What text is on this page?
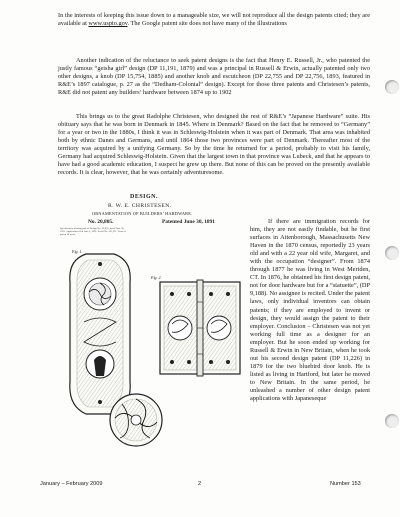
In the interests of keeping this issue down to a manageable size, we will not reproduce all the design patents cited; they are available at www.uspto.gov. The Google patent site does not have many of the illustrations

Another indication of the reluctance to seek patent designs is the fact that Henry E. Russell, Jr., who patented the justly famous “geisha girl” design (DP 11,191, 1879) and was a principal in Russell & Erwin, actually patented only two other designs, a knob (DP 15,754, 1885) and another knob and escutcheon (DP 22,755 and DP 22,756, 1893, featured in R&E’s 1897 catalogue, p. 27 as the “Dedham-Colonial” design). Except for those three patents and Christesen’s patents, R&E did not patent any builders’ hardware between 1874 up to 1902

This brings us to the great Radolphe Christesen, who designed the rest of R&E’s “Japanese Hardware” suite. His obituary says that he was born in Denmark in 1845. Where in Denmark? Based on the fact that he removed to “Germany” for a year or two in the 1880s, I think it was in Schleswig-Holstein when it was part of Denmark. That area was inhabited both by ethnic Danes and Germans, and until 1864 those two provinces were part of Denmark. Thereafter most of the territory was acquired by a unifying Germany. So by the time he returned for a period, probably to visit his family, Germany had acquired Schleswig-Holstein. Given that the largest town in that province was Lubeck, and that he appears to have had a good academic education, I suspect he grew up there. But none of this can be proved on the presently available records. It is clear, however, that he was certainly adventuresome.

DESIGN.
R. W. E. CHRISTESEN.
ORNAMENTATION OF BUILDERS’ HARDWARE.
No. 20,805.	Patented June 30, 1891
Specification forming part of Design No. 20,805, dated June 30, 1891. Application filed June 4, 1891. Serial No. 395,311. Term of patent 14 years.
Fig. 1.
Fig. 2.

If there are immigration records for him, they are not easily findable, but he first surfaces in Attenborough, Massachusetts New Haven in the 1870 census, reportedly 23 years old and with a 22 year old wife, Margaret, and with the occupation “designer”. From 1874 through 1877 he was living in West Meriden, CT. In 1876, he obtained his first design patent, not for door hardware but for a “statuette”, (DP 9,188). No assignee is recited. Under the patent laws, only individual inventors can obtain patents; if they are employed to invent or design, they would assign the patent to their employer. Conclusion – Christesen was not yet working full time as a designer for an employer. But he soon ended up working for Russell & Erwin in New Britain, when he took out his second design patent (DP 11,226) in 1879 for the two bluebird door knob. He is listed as living in Hartford, but later he moved to New Britain. In the same period, he unleashed a number of other design patent applications with Japaneseque

January – February 2009	2	Number 153
